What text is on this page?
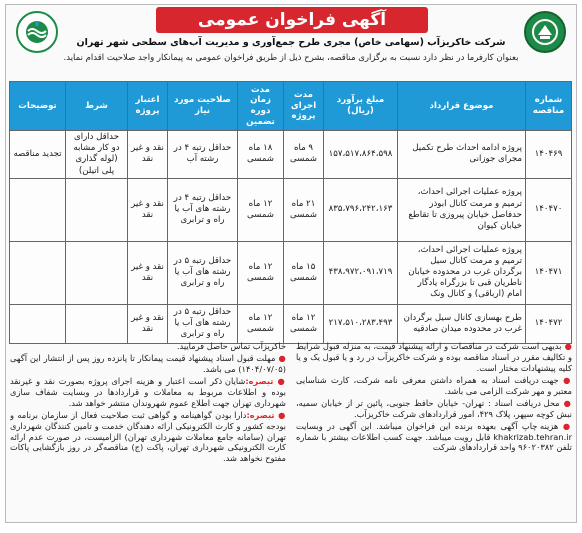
آگهی فراخوان عمومی
شرکت خاکریزآب (سهامی خاص) مجری طرح جمع‌آوری و مدیریت آب‌های سطحی شهر تهران
بعنوان کارفرما در نظر دارد نسبت به برگزاری مناقصه، بشرح ذیل از طریق فراخوان عمومی به پیمانکار واجد صلاحیت اقدام نماید.
شماره مناقصه	موضوع قرارداد	مبلغ برآورد (ریال)	مدت اجرای پروژه	مدت زمان دوره تضمین	صلاحیت مورد نیاز	اعتبار پروژه	شرط	توضیحات
۱۴۰۴۶۹	پروژه ادامه احداث طرح تکمیل مجرای جوزانی	۱۵۷،۵۱۷،۸۶۴،۵۹۸	۹ ماه شمسی	۱۸ ماه شمسی	حداقل رتبه ۴ در رشته آب	نقد و غیر نقد	حداقل دارای دو کار مشابه (لوله گذاری پلی اتیلن)	تجدید مناقصه
۱۴۰۴۷۰	پروژه عملیات اجرائی احداث، ترمیم و مرمت کانال ابوذر حدفاصل خیابان پیروزی تا تقاطع خیابان کیوان	۸۳۵،۷۹۶،۲۴۲،۱۶۳	۲۱ ماه شمسی	۱۲ ماه شمسی	حداقل رتبه ۴ در رشته های آب یا راه و ترابری	نقد و غیر نقد		
۱۴۰۴۷۱	پروژه عملیات اجرائی احداث، ترمیم و مرمت کانال سیل برگردان غرب در محدوده خیابان ناطریان قبی تا بزرگراه یادگار امام (ارباقی) و کانال ونک	۴۳۸،۹۷۲،۰۹۱،۷۱۹	۱۵ ماه شمسی	۱۲ ماه شمسی	حداقل رتبه ۵ در رشته های آب یا راه و ترابری	نقد و غیر نقد		
۱۴۰۴۷۲	طرح بهسازی کانال سیل برگردان غرب در محدوده میدان صادقیه	۲۱۷،۵۱۰،۲۸۳،۴۹۳	۱۲ ماه شمسی	۱۲ ماه شمسی	حداقل رتبه ۵ در رشته های آب یا راه و ترابری	نقد و غیر نقد		

● بدیهی است شرکت در مناقصات و ارائه پیشنهاد قیمت، به منزله قبول شرایط و تکالیف مقرر در اسناد مناقصه بوده و شرکت خاکریزآب در رد و یا قبول یک و یا کلیه پیشنهادات مختار است.

● جهت دریافت اسناد به همراه داشتن معرفی نامه شرکت، کارت شناسایی معتبر و مهر شرکت الزامی می باشد.

● محل دریافت اسناد : تهران- خیابان حافظ جنوبی، پائین تر از خیابان سمیه، نبش کوچه سپهر، پلاک ۴۲۹، امور قراردادهای شرکت خاکریزآب.

● هزینه چاپ آگهی بعهده برنده این فراخوان میباشد. این آگهی در وبسایت khakrizab.tehran.ir قابل رویت میباشد. جهت کسب اطلاعات بیشتر با شماره تلفن ۹۶۰۲۰۳۸۲ واحد قراردادهای شرکت

خاکریزآب تماس حاصل فرمایید.

● مهلت قبول اسناد پیشنهاد قیمت پیمانکار تا پانزده روز پس از انتشار این آگهی (۱۴۰۴/۰۷/۰۵) می باشد.

● تبصره:شایان ذکر است اعتبار و هزینه اجرای پروژه بصورت نقد و غیرنقد بوده و اطلاعات مربوط به معاملات و قراردادها در وبسایت شفاف سازی شهرداری تهران جهت اطلاع عموم شهروندان منتشر خواهد شد.

● تبصره:دارا بودن گواهینامه و گواهی ثبت صلاحیت فعال از سازمان برنامه و بودجه کشور و کارت الکترونیکی ارائه دهندگان خدمت و تامین کنندگان شهرداری تهران (سامانه جامع معاملات شهرداری تهران) الزامیست، در صورت عدم ارائه کارت الکترونیکی شهرداری تهران، پاکت (ج) مناقصه‌گر در روز بازگشایی پاکات مفتوح نخواهد شد.
